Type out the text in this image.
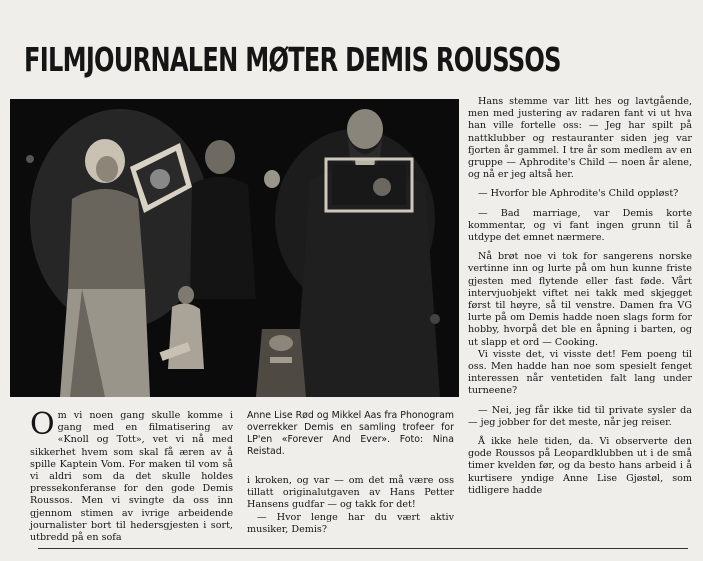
FILMJOURNALEN MØTER DEMIS ROUSSOS
O m vi noen gang skulle komme i gang med en filmatisering av «Knoll og Tott», vet vi nå med sikkerhet hvem som skal få æren av å spille Kaptein Vom. For maken til vom så vi aldri som da det skulle holdes pressekonferanse for den gode Demis Roussos. Men vi svingte da oss inn gjennom stimen av ivrige arbeidende journalister bort til hedersgjesten i sort, utbredd på en sofa

Anne Lise Rød og Mikkel Aas fra Phonogram overrekker Demis en samling trofeer for LP'en «Forever And Ever». Foto: Nina Reistad.

i kroken, og var — om det må være oss tillatt originalutgaven av Hans Petter Hansens gudfar — og takk for det!

— Hvor lenge har du vært aktiv musiker, Demis?

Hans stemme var litt hes og lavtgående, men med justering av radaren fant vi ut hva han ville fortelle oss: — Jeg har spilt på nattklubber og restauranter siden jeg var fjorten år gammel. I tre år som medlem av en gruppe — Aphrodite's Child — noen år alene, og nå er jeg altså her.

— Hvorfor ble Aphrodite's Child oppløst?

— Bad marriage, var Demis korte kommentar, og vi fant ingen grunn til å utdype det emnet nærmere.

Nå brøt noe vi tok for sangerens norske vertinne inn og lurte på om hun kunne friste gjesten med flytende eller fast føde. Vårt intervjuobjekt viftet nei takk med skjegget først til høyre, så til venstre. Damen fra VG lurte på om Demis hadde noen slags form for hobby, hvorpå det ble en åpning i barten, og ut slapp et ord — Cooking.

Vi visste det, vi visste det! Fem poeng til oss. Men hadde han noe som spesielt fenget interessen når ventetiden falt lang under turneene?

— Nei, jeg får ikke tid til private sysler da — jeg jobber for det meste, når jeg reiser.

Å ikke hele tiden, da. Vi observerte den gode Roussos på Leopardklubben ut i de små timer kvelden før, og da besto hans arbeid i å kurtisere yndige Anne Lise Gjøstøl, som tidligere hadde
